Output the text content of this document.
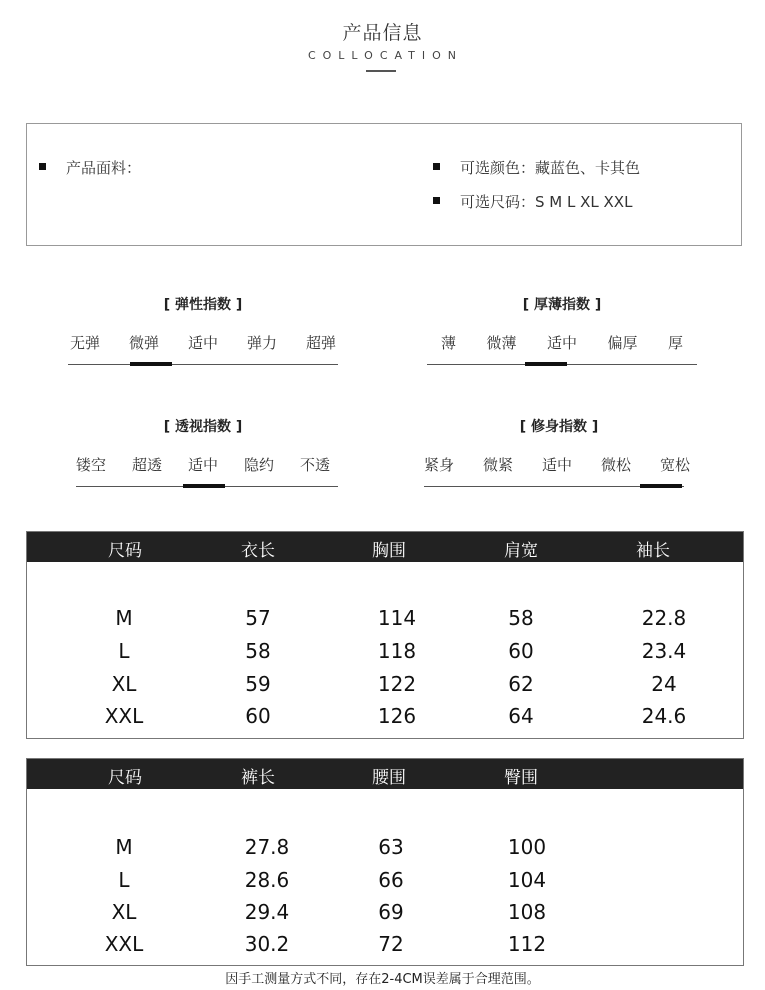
产品信息
COLLOCATION
产品面料：	可选颜色：藏蓝色、卡其色
可选尺码：S M L XL XXL
[ 弹性指数 ]
无弹 微弹 适中 弹力 超弹
[ 厚薄指数 ]
薄 微薄 适中 偏厚 厚
[ 透视指数 ]
镂空 超透 适中 隐约 不透
[ 修身指数 ]
紧身 微紧 适中 微松 宽松
尺码	衣长	胸围	肩宽	袖长
M	57	114	58	22.8
L	58	118	60	23.4
XL	59	122	62	24
XXL	60	126	64	24.6
尺码	裤长	腰围	臀围
M	27.8	63	100
L	28.6	66	104
XL	29.4	69	108
XXL	30.2	72	112
因手工测量方式不同，存在2-4CM误差属于合理范围。
